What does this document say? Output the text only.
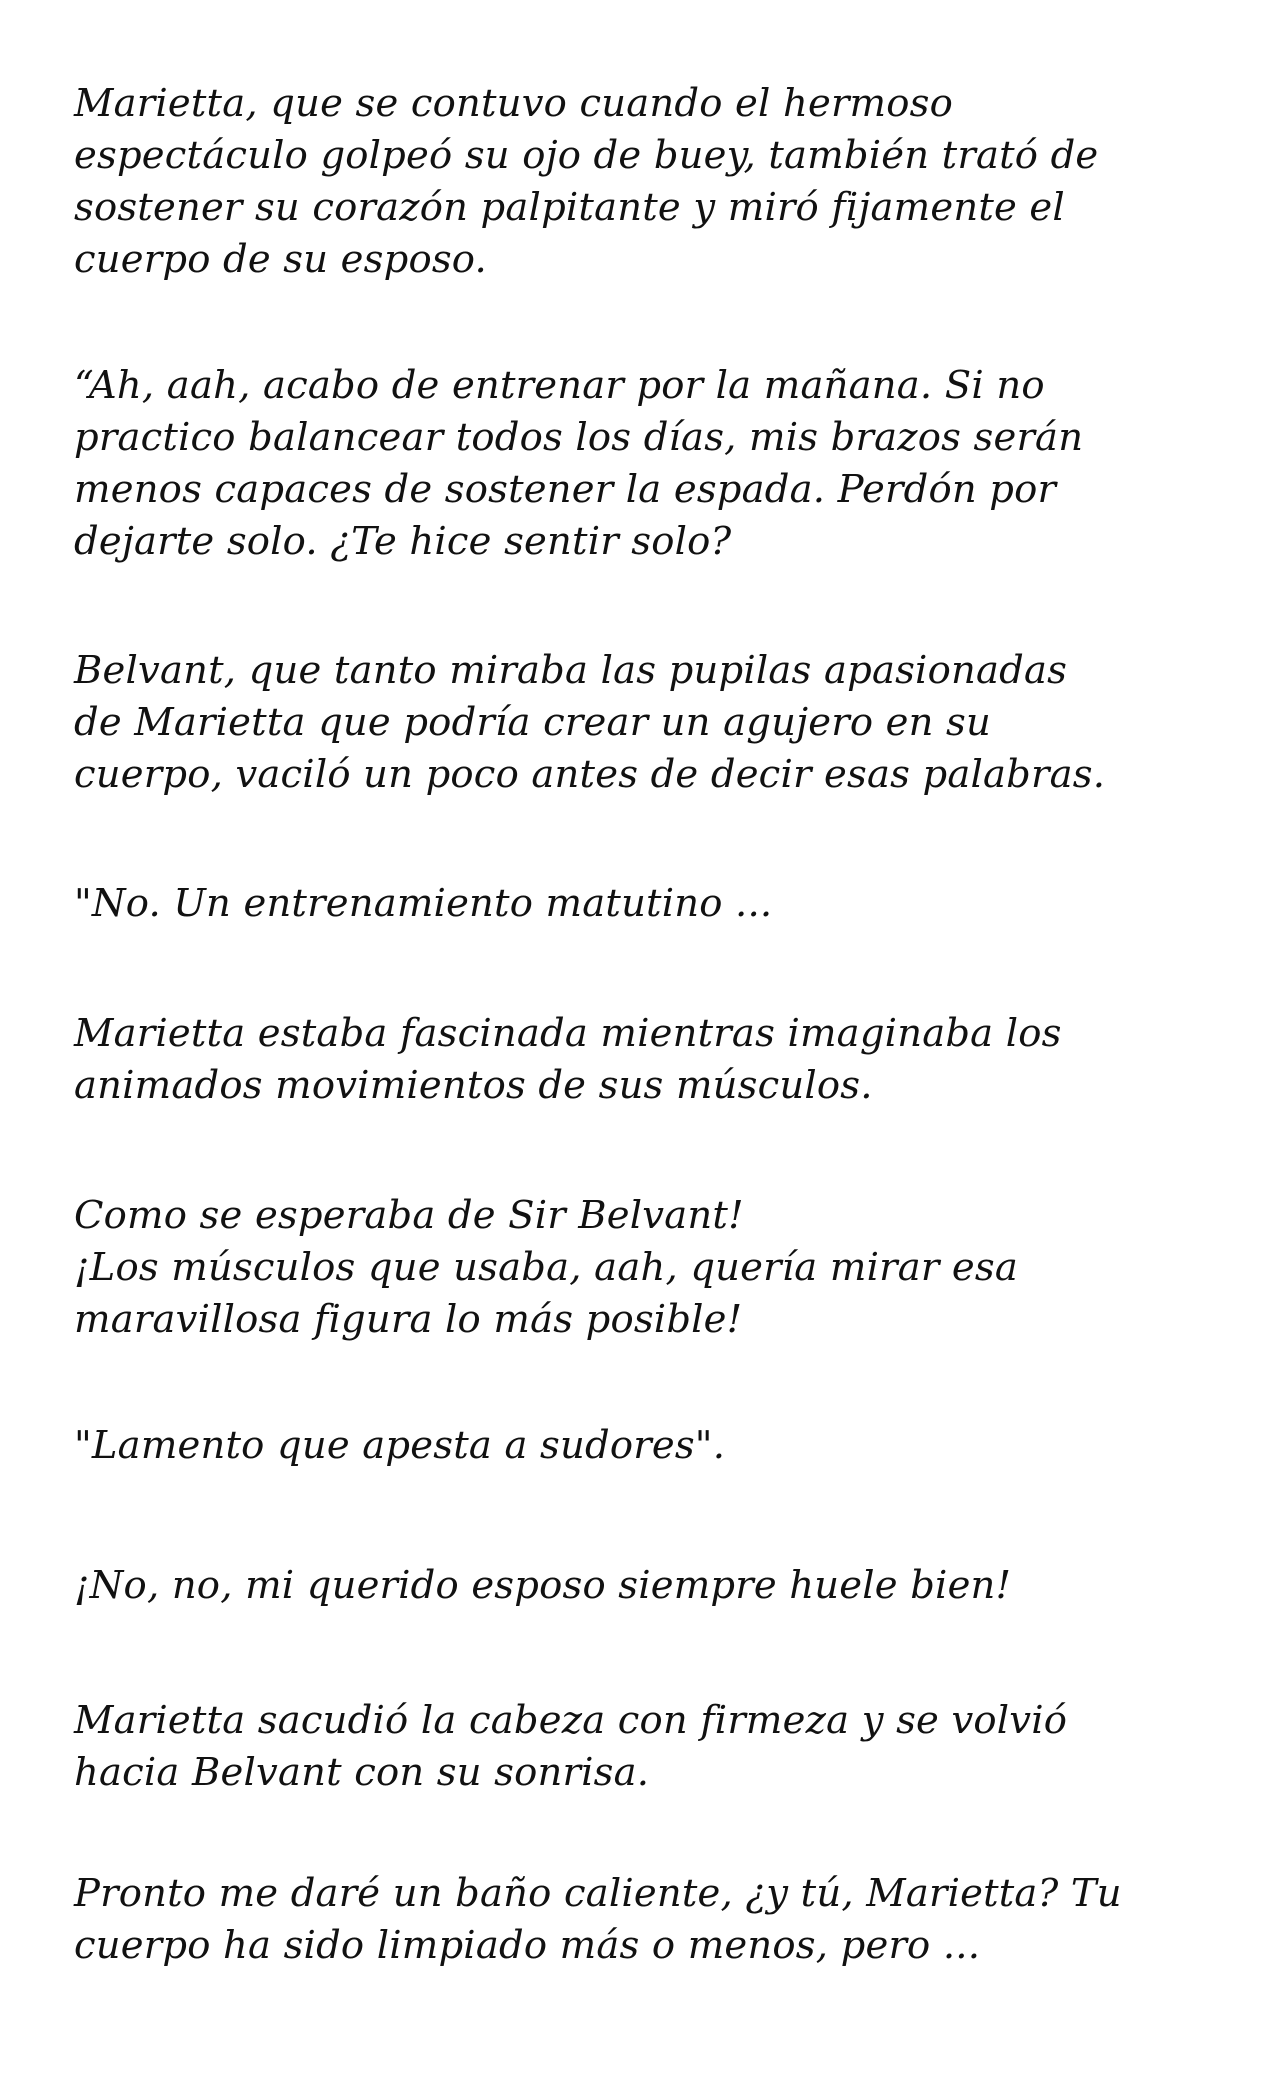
Marietta, que se contuvo cuando el hermoso
espectáculo golpeó su ojo de buey, también trató de
sostener su corazón palpitante y miró fijamente el
cuerpo de su esposo.

“Ah, aah, acabo de entrenar por la mañana. Si no
practico balancear todos los días, mis brazos serán
menos capaces de sostener la espada. Perdón por
dejarte solo. ¿Te hice sentir solo?

Belvant, que tanto miraba las pupilas apasionadas
de Marietta que podría crear un agujero en su
cuerpo, vaciló un poco antes de decir esas palabras.

"No. Un entrenamiento matutino ...

Marietta estaba fascinada mientras imaginaba los
animados movimientos de sus músculos.

Como se esperaba de Sir Belvant!
¡Los músculos que usaba, aah, quería mirar esa
maravillosa figura lo más posible!

"Lamento que apesta a sudores".

¡No, no, mi querido esposo siempre huele bien!

Marietta sacudió la cabeza con firmeza y se volvió
hacia Belvant con su sonrisa.

Pronto me daré un baño caliente, ¿y tú, Marietta? Tu
cuerpo ha sido limpiado más o menos, pero ...
